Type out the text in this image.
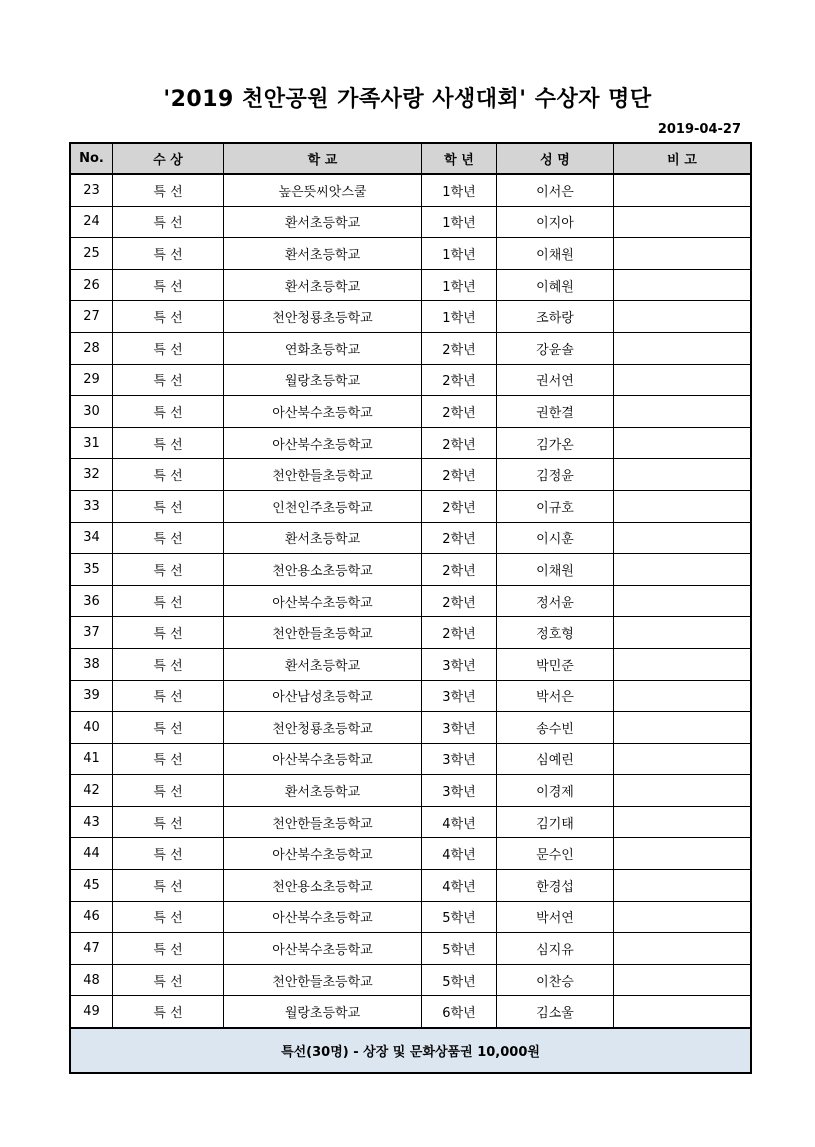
'2019 천안공원 가족사랑 사생대회' 수상자 명단
2019-04-27
No.	수 상	학 교	학 년	성 명	비 고
23	특 선	높은뜻씨앗스쿨	1학년	이서은	
24	특 선	환서초등학교	1학년	이지아	
25	특 선	환서초등학교	1학년	이채원	
26	특 선	환서초등학교	1학년	이혜원	
27	특 선	천안청룡초등학교	1학년	조하랑	
28	특 선	연화초등학교	2학년	강윤솔	
29	특 선	월랑초등학교	2학년	권서연	
30	특 선	아산북수초등학교	2학년	권한결	
31	특 선	아산북수초등학교	2학년	김가온	
32	특 선	천안한들초등학교	2학년	김정윤	
33	특 선	인천인주초등학교	2학년	이규호	
34	특 선	환서초등학교	2학년	이시훈	
35	특 선	천안용소초등학교	2학년	이채원	
36	특 선	아산북수초등학교	2학년	정서윤	
37	특 선	천안한들초등학교	2학년	정호형	
38	특 선	환서초등학교	3학년	박민준	
39	특 선	아산남성초등학교	3학년	박서은	
40	특 선	천안청룡초등학교	3학년	송수빈	
41	특 선	아산북수초등학교	3학년	심예린	
42	특 선	환서초등학교	3학년	이경제	
43	특 선	천안한들초등학교	4학년	김기태	
44	특 선	아산북수초등학교	4학년	문수인	
45	특 선	천안용소초등학교	4학년	한경섭	
46	특 선	아산북수초등학교	5학년	박서연	
47	특 선	아산북수초등학교	5학년	심지유	
48	특 선	천안한들초등학교	5학년	이찬승	
49	특 선	월랑초등학교	6학년	김소울	
특선(30명) - 상장 및 문화상품권 10,000원					
